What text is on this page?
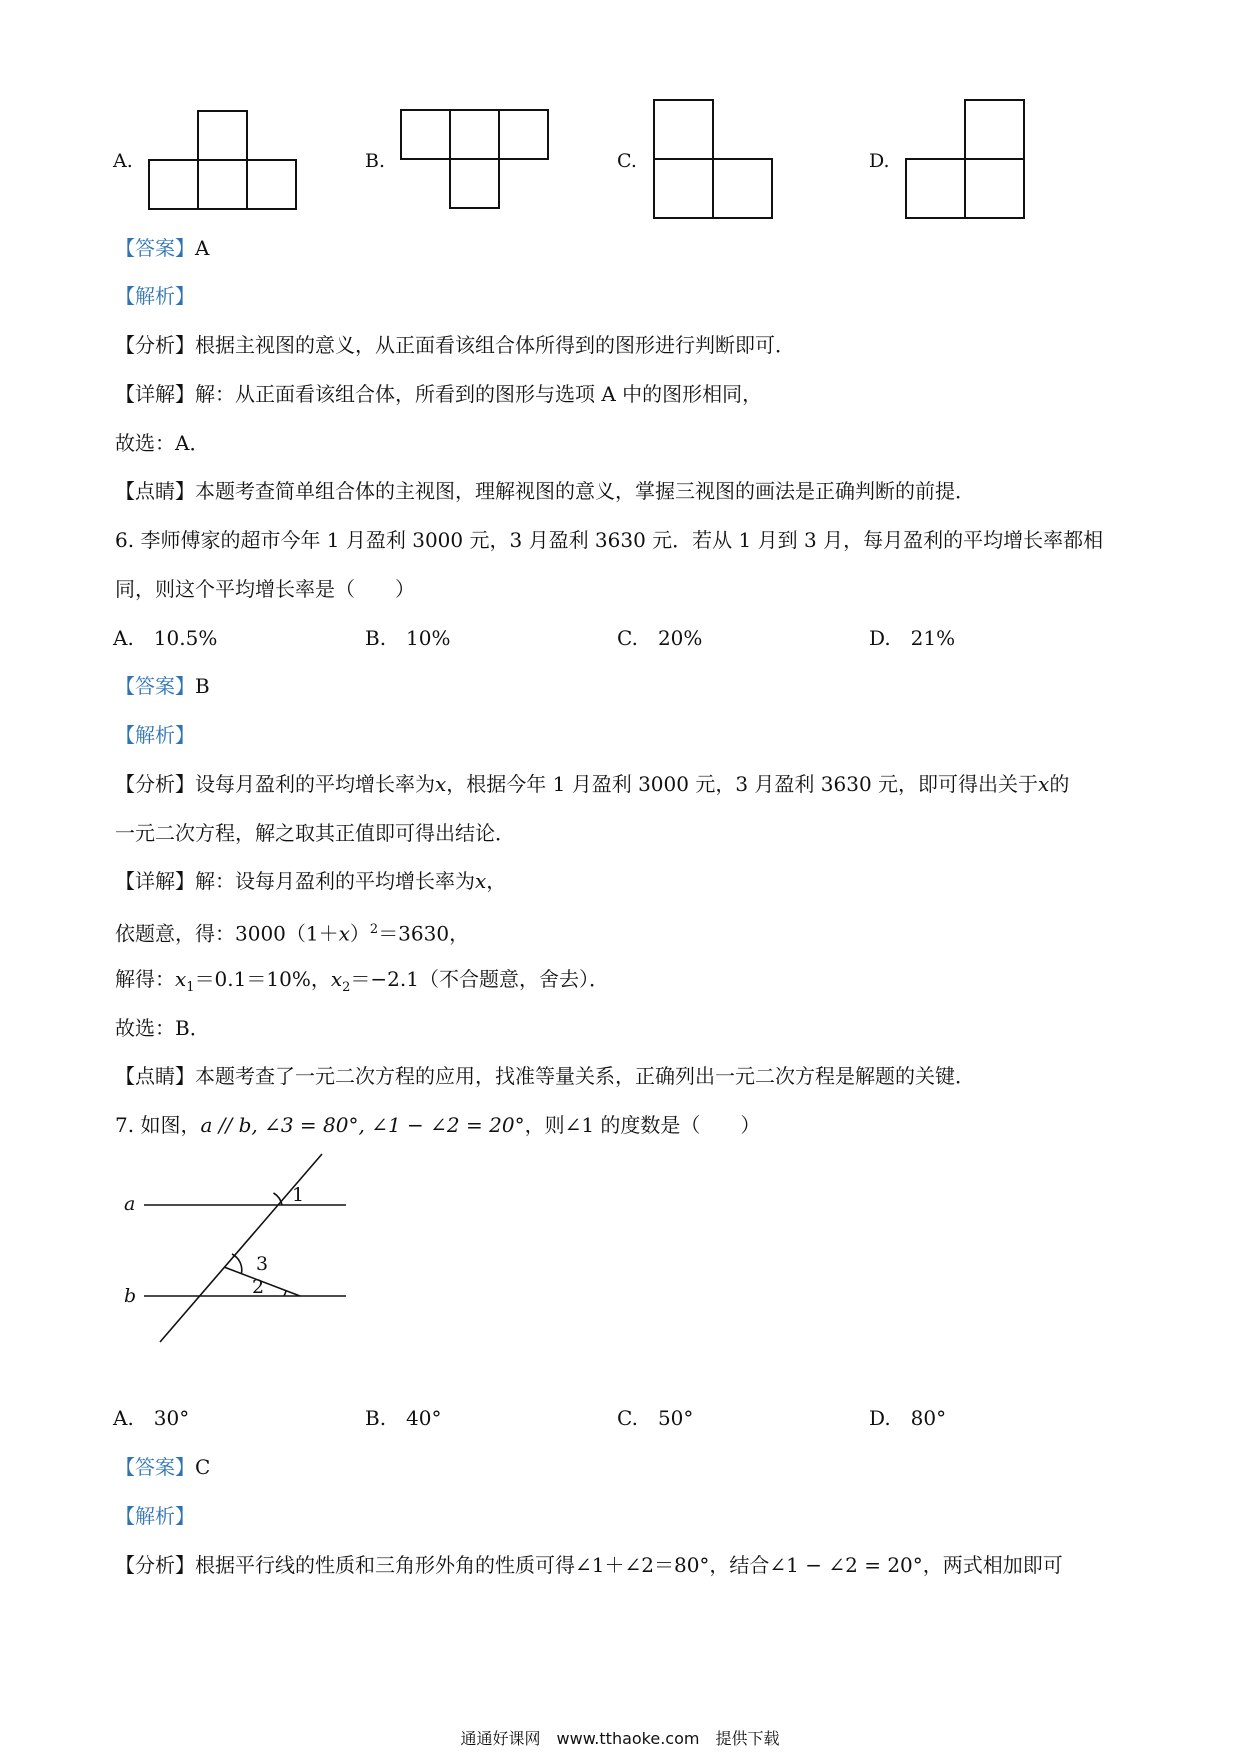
A.	B.	C.	D.
【答案】A
【解析】
【分析】根据主视图的意义，从正面看该组合体所得到的图形进行判断即可．
【详解】解：从正面看该组合体，所看到的图形与选项 A 中的图形相同，
故选：A．
【点睛】本题考查简单组合体的主视图，理解视图的意义，掌握三视图的画法是正确判断的前提．
6. 李师傅家的超市今年 1 月盈利 3000 元，3 月盈利 3630 元．若从 1 月到 3 月，每月盈利的平均增长率都相
同，则这个平均增长率是（　　）
A.　10.5%	B.　10%	C.　20%	D.　21%
【答案】B
【解析】
【分析】设每月盈利的平均增长率为x，根据今年 1 月盈利 3000 元，3 月盈利 3630 元，即可得出关于x的
一元二次方程，解之取其正值即可得出结论．
【详解】解：设每月盈利的平均增长率为x，
依题意，得：$3000(1+x)^2=3630$，
解得：$x_1=0.1=10\%$，$x_2=-2.1$（不合题意，舍去）．
故选：B．
【点睛】本题考查了一元二次方程的应用，找准等量关系，正确列出一元二次方程是解题的关键．
7. 如图，a // b, ∠3 = 80°, ∠1 − ∠2 = 20°，则∠1 的度数是（　　）
a
b
1
3
2
A.　30°	B.　40°	C.　50°	D.　80°
【答案】C
【解析】
【分析】根据平行线的性质和三角形外角的性质可得∠1＋∠2＝80°，结合∠1 − ∠2 = 20°，两式相加即可
通通好课网　www.tthaoke.com　提供下载
